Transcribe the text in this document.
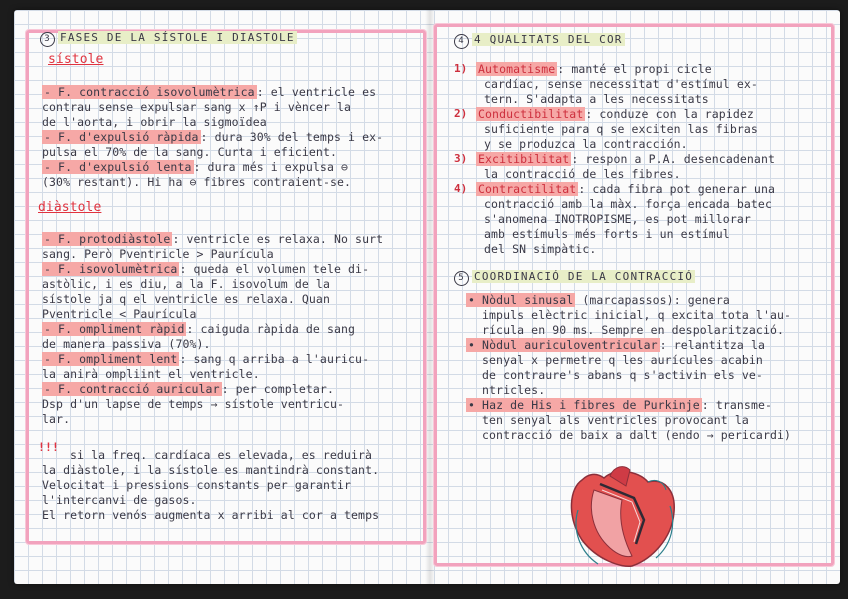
3 FASES DE LA SÍSTOLE I DIASTOLE
sístole
diàstole
!!!
4 4 QUALITATS DEL COR
5 COORDINACIÓ DE LA CONTRACCIÓ
- F. contracció isovolumètrica : el ventricle es
contrau sense expulsar sang x ↑P i vèncer la
de l'aorta, i obrir la sigmoïdea
- F. d'expulsió ràpida : dura 30% del temps i ex-
pulsa el 70% de la sang. Curta i eficient.
- F. d'expulsió lenta : dura més i expulsa ⊖
(30% restant). Hi ha ⊖ fibres contraient-se.
- F. protodiàstole : ventricle es relaxa. No surt
sang. Però Pventricle > Paurícula
- F. isovolumètrica : queda el volumen tele di-
astòlic, i es diu, a la F. isovolum de la
sístole ja q el ventricle es relaxa. Quan
Pventricle < Paurícula
- F. ompliment ràpid : caiguda ràpida de sang
de manera passiva (70%).
- F. ompliment lent : sang q arriba a l'auricu-
la anirà ompliint el ventricle.
- F. contracció auricular : per completar.
Dsp d'un lapse de temps → sístole ventricu-
lar.
si la freq. cardíaca es elevada, es reduirà
la diàstole, i la sístole es mantindrà constant.
Velocitat i pressions constants per garantir
l'intercanvi de gasos.
El retorn venós augmenta x arribi al cor a temps
1) Automatisme : manté el propi cicle
cardíac, sense necessitat d'estímul ex-
tern. S'adapta a les necessitats
2) Conductibilitat : conduze con la rapidez
suficiente para q se exciten las fibras
y se produzca la contracción.
3) Excitibilitat : respon a P.A. desencadenant
la contracció de les fibres.
4) Contractilitat : cada fibra pot generar una
contracció amb la màx. força encada batec
s'anomena INOTROPISME, es pot millorar
amb estímuls més forts i un estímul
del SN simpàtic.
• Nòdul sinusal (marcapassos): genera
impuls elèctric inicial, q excita tota l'au-
rícula en 90 ms. Sempre en despolarització.
• Nòdul auriculoventricular : relantitza la
senyal x permetre q les aurícules acabin
de contraure's abans q s'activin els ve-
ntricles.
• Haz de His i fibres de Purkinje : transme-
ten senyal als ventricles provocant la
contracció de baix a dalt (endo → pericardi)
